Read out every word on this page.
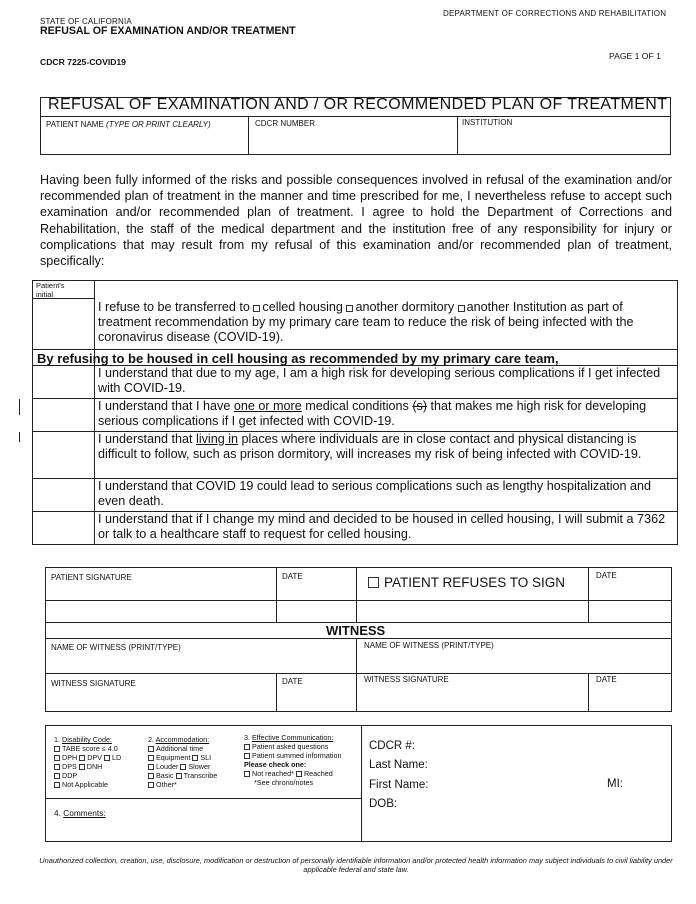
STATE OF CALIFORNIA
REFUSAL OF EXAMINATION AND/OR TREATMENT
DEPARTMENT OF CORRECTIONS AND REHABILITATION
CDCR 7225-COVID19
PAGE 1 OF 1
REFUSAL OF EXAMINATION AND / OR RECOMMENDED PLAN OF TREATMENT
PATIENT NAME (TYPE OR PRINT CLEARLY)	CDCR NUMBER	INSTITUTION
Having been fully informed of the risks and possible consequences involved in refusal of the examination and/or recommended plan of treatment in the manner and time prescribed for me, I nevertheless refuse to accept such examination and/or recommended plan of treatment. I agree to hold the Department of Corrections and Rehabilitation, the staff of the medical department and the institution free of any responsibility for injury or complications that may result from my refusal of this examination and/or recommended plan of treatment, specifically:
Patient's
initial
I refuse to be transferred to celled housing another dormitory another Institution as part of treatment recommendation by my primary care team to reduce the risk of being infected with the coronavirus disease (COVID-19).
By refusing to be housed in cell housing as recommended by my primary care team,
I understand that due to my age, I am a high risk for developing serious complications if I get infected with COVID-19.
I understand that I have one or more medical conditions (s) that makes me high risk for developing serious complications if I get infected with COVID-19.
I understand that living in places where individuals are in close contact and physical distancing is difficult to follow, such as prison dormitory, will increases my risk of being infected with COVID-19.
I understand that COVID 19 could lead to serious complications such as lengthy hospitalization and even death.
I understand that if I change my mind and decided to be housed in celled housing, I will submit a 7362 or talk to a healthcare staff to request for celled housing.
PATIENT SIGNATURE	DATE	PATIENT REFUSES TO SIGN	DATE
WITNESS
NAME OF WITNESS (PRINT/TYPE)	NAME OF WITNESS (PRINT/TYPE)
WITNESS SIGNATURE	DATE	WITNESS SIGNATURE	DATE
1. Disability Code:
TABE score ≤ 4.0
DPH DPV LD
DPS DNH
DDP
Not Applicable
2. Accommodation:
Additional time
Equipment SLI
Louder Slower
Basic Transcribe
Other*
3. Effective Communication:
Patient asked questions
Patient summed information
Please check one:
Not reached* Reached
*See chrono/notes
4. Comments:
CDCR #:
Last Name:
First Name:	MI:
DOB:
Unauthorized collection, creation, use, disclosure, modification or destruction of personally identifiable information and/or protected health information may subject individuals to civil liability under applicable federal and state law.
